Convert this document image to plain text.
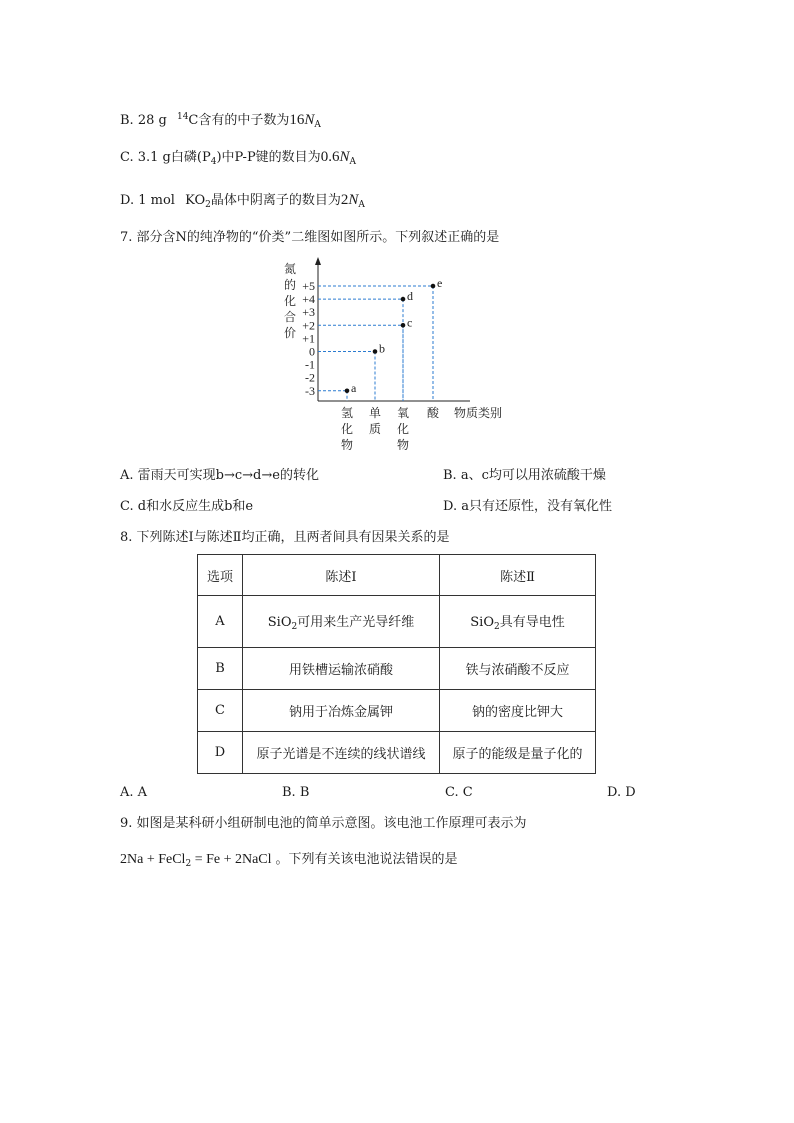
B. 28 g $^{14}$C含有的中子数为$16N_A$
C. 3.1 g白磷$(P_4)$中P-P键的数目为$0.6N_A$
D. 1 mol $KO_2$晶体中阴离子的数目为$2N_A$
7. 部分含N的纯净物的“价类”二维图如图所示。下列叙述正确的是
氮
的
化
合
价
+5
+4
+3
+2
+1
0
-1
-2
-3
氢
化
物
单
质
氧
化
物
酸 物质类别
a
b
c
d
e
A. 雷雨天可实现b→c→d→e的转化	B. a、c均可以用浓硫酸干燥
C. d和水反应生成b和e	D. a只有还原性，没有氧化性
8. 下列陈述Ⅰ与陈述Ⅱ均正确，且两者间具有因果关系的是
选项	陈述Ⅰ	陈述Ⅱ
A	SiO$_2$可用来生产光导纤维	SiO$_2$具有导电性
B	用铁槽运输浓硝酸	铁与浓硝酸不反应
C	钠用于冶炼金属钾	钠的密度比钾大
D	原子光谱是不连续的线状谱线	原子的能级是量子化的
A. A	B. B	C. C	D. D
9. 如图是某科研小组研制电池的简单示意图。该电池工作原理可表示为
2Na + FeCl$_2$ = Fe + 2NaCl 。下列有关该电池说法错误的是
